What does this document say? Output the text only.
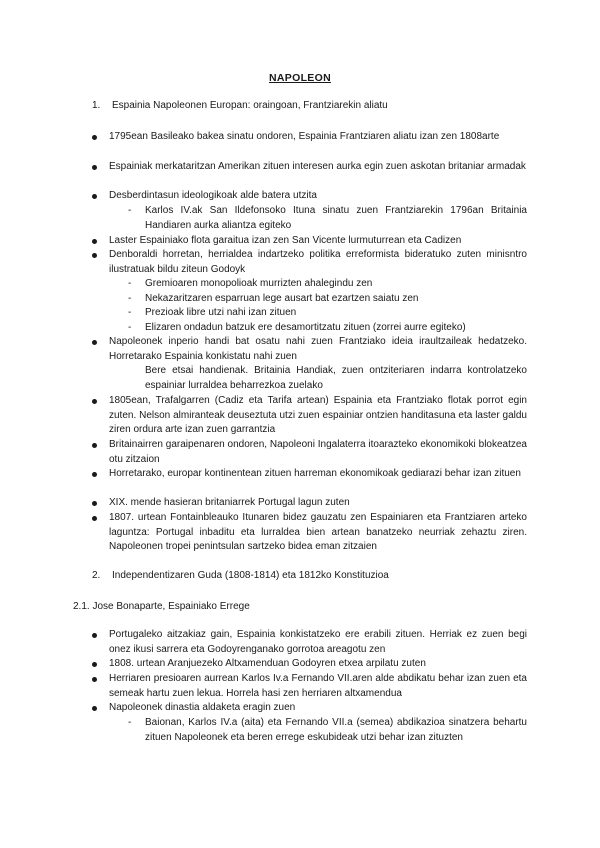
NAPOLEON
1. Espainia Napoleonen Europan: oraingoan, Frantziarekin aliatu
1795ean Basileako bakea sinatu ondoren, Espainia Frantziaren aliatu izan zen 1808arte
Espainiak merkataritzan Amerikan zituen interesen aurka egin zuen askotan britaniar armadak
Desberdintasun ideologikoak alde batera utzita
- Karlos IV.ak San Ildefonsoko Ituna sinatu zuen Frantziarekin 1796an Britainia Handiaren aurka aliantza egiteko
Laster Espainiako flota garaitua izan zen San Vicente lurmuturrean eta Cadizen
Denboraldi horretan, herrialdea indartzeko politika erreformista bideratuko zuten minisntro ilustratuak bildu ziteun Godoyk
- Gremioaren monopolioak murrizten ahalegindu zen
- Nekazaritzaren esparruan lege ausart bat ezartzen saiatu zen
- Prezioak libre utzi nahi izan zituen
- Elizaren ondadun batzuk ere desamortitzatu zituen (zorrei aurre egiteko)
Napoleonek inperio handi bat osatu nahi zuen Frantziako ideia iraultzaileak hedatzeko. Horretarako Espainia konkistatu nahi zuen
Bere etsai handienak. Britainia Handiak, zuen ontziteriaren indarra kontrolatzeko espainiar lurraldea beharrezkoa zuelako
1805ean, Trafalgarren (Cadiz eta Tarifa artean) Espainia eta Frantziako flotak porrot egin zuten. Nelson almiranteak deuseztuta utzi zuen espainiar ontzien handitasuna eta laster galdu ziren ordura arte izan zuen garrantzia
Britainairren garaipenaren ondoren, Napoleoni Ingalaterra itoarazteko ekonomikoki blokeatzea otu zitzaion
Horretarako, europar kontinentean zituen harreman ekonomikoak gediarazi behar izan zituen
XIX. mende hasieran britaniarrek Portugal lagun zuten
1807. urtean Fontainbleauko Itunaren bidez gauzatu zen Espainiaren eta Frantziaren arteko laguntza: Portugal inbaditu eta lurraldea bien artean banatzeko neurriak zehaztu ziren. Napoleonen tropei penintsulan sartzeko bidea eman zitzaien
2. Independentizaren Guda (1808-1814) eta 1812ko Konstituzioa
2.1. Jose Bonaparte, Espainiako Errege
Portugaleko aitzakiaz gain, Espainia konkistatzeko ere erabili zituen. Herriak ez zuen begi onez ikusi sarrera eta Godoyrenganako gorrotoa areagotu zen
1808. urtean Aranjuezeko Altxamenduan Godoyren etxea arpilatu zuten
Herriaren presioaren aurrean Karlos Iv.a Fernando VII.aren alde abdikatu behar izan zuen eta semeak hartu zuen lekua. Horrela hasi zen herriaren altxamendua
Napoleonek dinastia aldaketa eragin zuen
- Baionan, Karlos IV.a (aita) eta Fernando VII.a (semea) abdikazioa sinatzera behartu zituen Napoleonek eta beren erregе eskubideak utzi behar izan zituzten
